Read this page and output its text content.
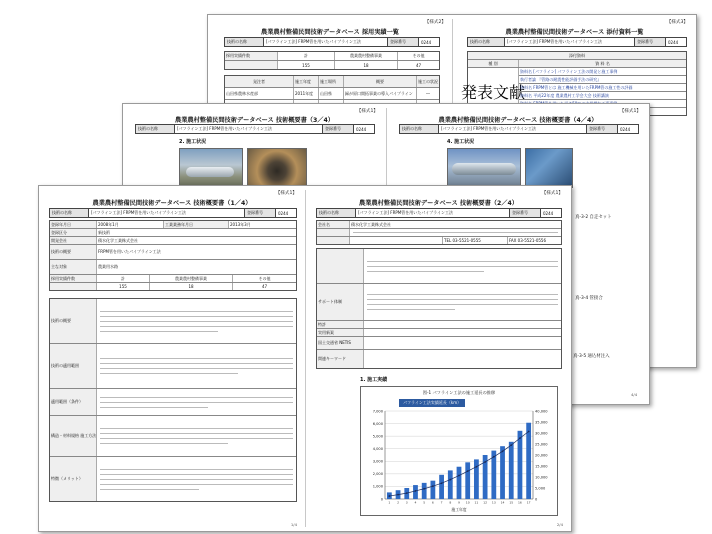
【様式2】
農業農村整備民間技術データベース 採用実績一覧
技術の名称	[パフライン工法] FRPM管を用いたパイプライン工法	登録番号	0244
採用実績件数	計	農業農村整備事業	その他
155	18	47
発注者	施工年度	施工場所	概要	施工の状況
山田県農林水産部	2011年度	山田県	緑が原口開拓事業の導入パイプライン	―
【様式3】
農業農村整備民間技術データベース 添付資料一覧
技術の名称	[パフライン工法] FRPM管を用いたパイプライン工法	登録番号	0244
添付資料
種 別	資 料 名
発表文献
資料名 [パフライン] パフライン工法の開発と施工事例
執行者論 『管路の耐震性能評価手法の研究』
資料名 FRPM管とは 施工機械を用いたFRPM管の施工性の評価
資料名 平成22年度 農業農村工学会大会 技術講演
【様式1】
農業農村整備民間技術データベース 技術概要書（3／4）
技術の名称	[パフライン工法] FRPM管を用いたパイプライン工法	登録番号	0244
2. 施工状況
【様式1】
農業農村整備民間技術データベース 技術概要書（4／4）
技術の名称	[パフライン工法] FRPM管を用いたパイプライン工法	登録番号	0244
4. 施工状況
【様式1】
農業農村整備民間技術データベース 技術概要書（1／4）
技術の名称	[パフライン工法] FRPM管を用いたパイプライン工法	登録番号	0244
登録年月日	2008年1月	工業業務年月日	2013年3月
登録区分	新技術
開発会社	積水化学工業株式会社
技術の概要	FRPM管を用いたパイプライン工法
主な対象	農業用水路
採用実績件数	計	農業農村整備事業	その他
155	18	47
技術の概要
技術の適用範囲
適用範囲（条件）
構造・材料規格 施工方法
特徴（メリット）
1/4
【様式1】
農業農村整備民間技術データベース 技術概要書（2／4）
技術の名称	[パフライン工法] FRPM管を用いたパイプライン工法	登録番号	0244
会社名	積水化学工業株式会社
TEL 03-5521-0555	FAX 03-5521-0556
サポート体制
特許
実用新案
国土交通省 NETIS
関連キーワード
1. 施工実績
図-1 パフライン工法の施工延長の推移
パフライン工法実績延長（km）
7,000
6,000
5,000
4,000
3,000
2,000
1,000
0
40,000
35,000
30,000
25,000
20,000
15,000
10,000
5,000
0
1 2 3 4 5 6 7 8 9 10 11 12 13 14 15 16 17
施工年度
2/4
真-3-2 自走セット
真-3-4 管接合
真-3-5 通込材注入
4/4
